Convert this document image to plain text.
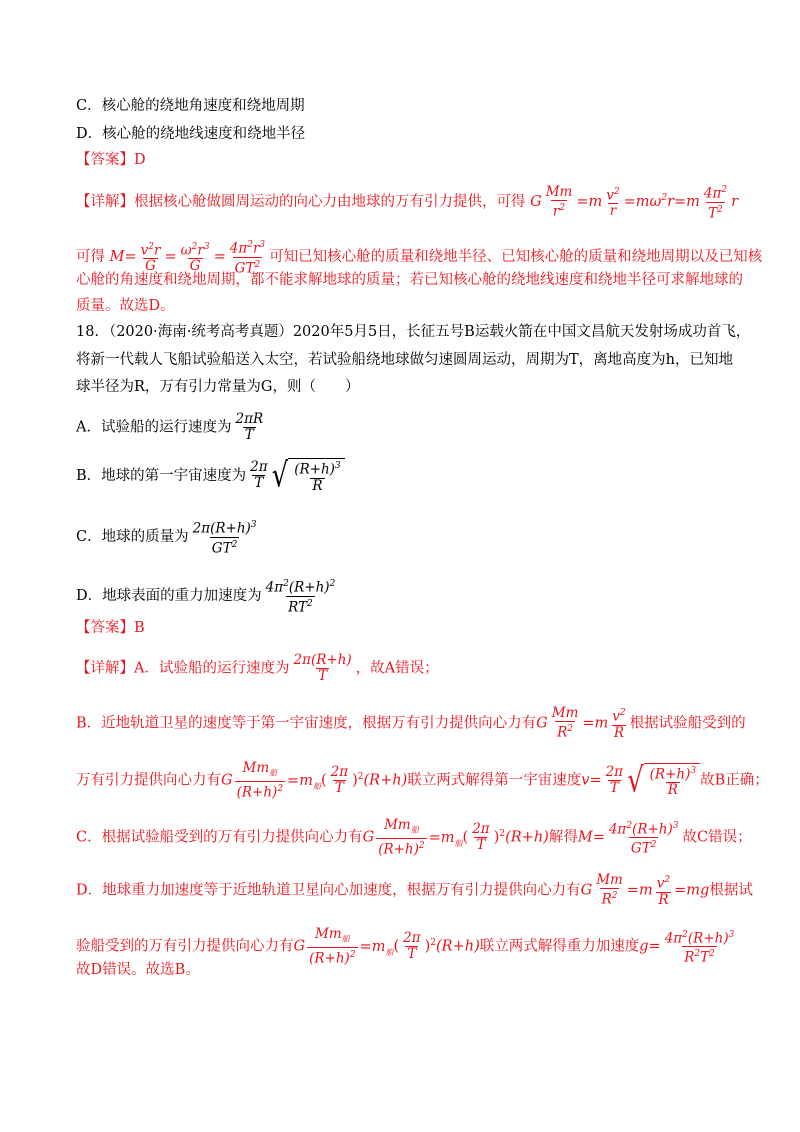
C．核心舱的绕地角速度和绕地周期
D．核心舱的绕地线速度和绕地半径
【答案】D
【详解】根据核心舱做圆周运动的向心力由地球的万有引力提供，可得 G $\frac{Mm}{r^2} =m \frac{v^2}{r} =m\omega^2r=m \frac{4\pi^2}{T^2}$ r
可得 $M= \frac{v^2r}{G} = \frac{\omega^2r^3}{G} = \frac{4\pi^2r^3}{GT^2}$ 可知已知核心舱的质量和绕地半径、已知核心舱的质量和绕地周期以及已知核
心舱的角速度和绕地周期，都不能求解地球的质量；若已知核心舱的绕地线速度和绕地半径可求解地球的
质量。故选D。
18．（2020·海南·统考高考真题）2020年5月5日，长征五号B运载火箭在中国文昌航天发射场成功首飞，
将新一代载人飞船试验船送入太空，若试验船绕地球做匀速圆周运动，周期为T，离地高度为h，已知地
球半径为R，万有引力常量为G，则（　　）
A．试验船的运行速度为 $\frac{2\pi R}{T}$
B．地球的第一宇宙速度为 $\frac{2\pi}{T}$ √ $\frac{(R+h)^3}{R}$
C．地球的质量为 $\frac{2\pi(R+h)^3}{GT^2}$
D．地球表面的重力加速度为 $\frac{4\pi^2(R+h)^2}{RT^2}$
【答案】B
【详解】A．试验船的运行速度为 $\frac{2\pi(R+h)}{T}$ ，故A错误；
B．近地轨道卫星的速度等于第一宇宙速度，根据万有引力提供向心力有G $\frac{Mm}{R^2} =m \frac{v^2}{R}$ 根据试验船受到的
万有引力提供向心力有G
$Mm_船$
$(R+h)^2$
$=m_船( \frac{2\pi}{T} )^2(R+h)$联立两式解得第一宇宙速度$v= \frac{2\pi}{T}$ √ $\frac{(R+h)^3}{R}$ 故B正确；
C．根据试验船受到的万有引力提供向心力有G
$Mm_船$
$(R+h)^2$
$=m_船( \frac{2\pi}{T} )^2(R+h)$解得$M= \frac{4\pi^2(R+h)^3}{GT^2}$ 故C错误；
D．地球重力加速度等于近地轨道卫星向心加速度，根据万有引力提供向心力有G $\frac{Mm}{R^2} =m \frac{v^2}{R} =mg$根据试
验船受到的万有引力提供向心力有G
$Mm_船$
$(R+h)^2$
$=m_船( \frac{2\pi}{T} )^2(R+h)$联立两式解得重力加速度$g= \frac{4\pi^2(R+h)^3}{R^2T^2}$
故D错误。故选B。
